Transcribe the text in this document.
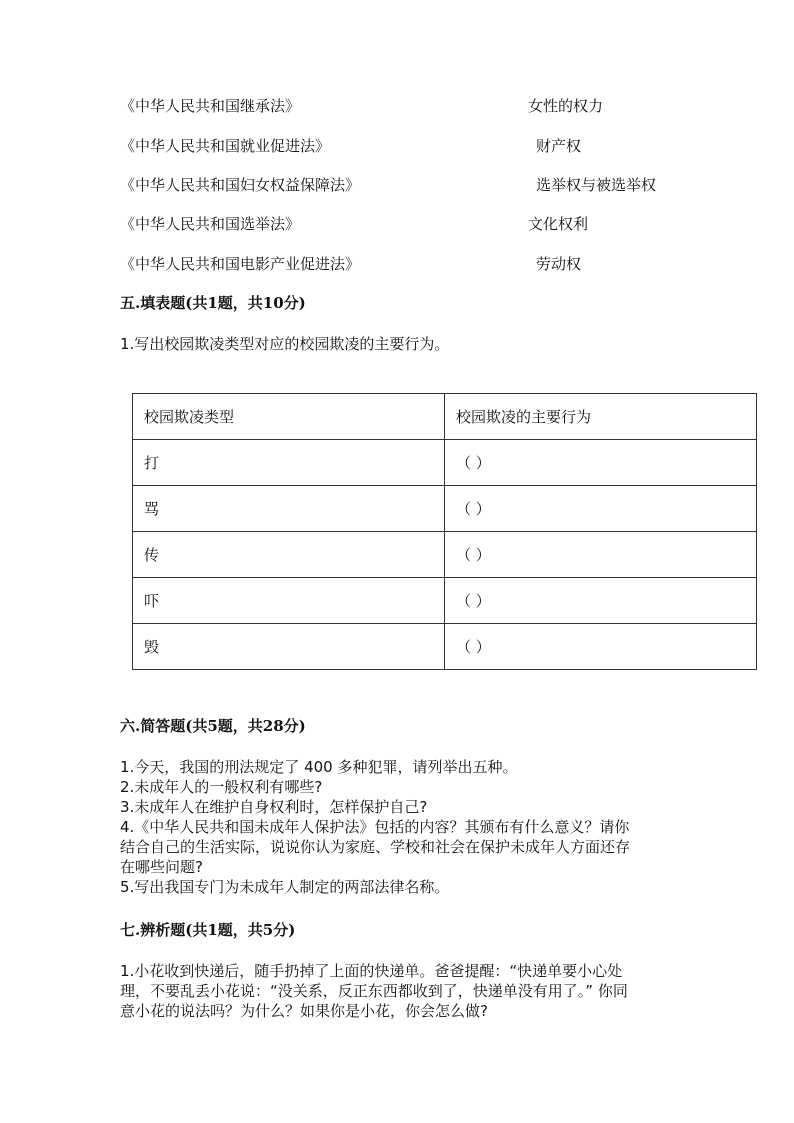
《中华人民共和国继承法》	女性的权力
《中华人民共和国就业促进法》	财产权
《中华人民共和国妇女权益保障法》	选举权与被选举权
《中华人民共和国选举法》	文化权利
《中华人民共和国电影产业促进法》	劳动权
五.填表题(共1题，共10分)
1.写出校园欺凌类型对应的校园欺凌的主要行为。
校园欺凌类型	校园欺凌的主要行为
打	（ ）
骂	（ ）
传	（ ）
吓	（ ）
毁	（ ）
六.简答题(共5题，共28分)
1.今天，我国的刑法规定了 400 多种犯罪，请列举出五种。
2.未成年人的一般权利有哪些?
3.未成年人在维护自身权利时，怎样保护自己?
4.《中华人民共和国未成年人保护法》包括的内容？其颁布有什么意义？请你
结合自己的生活实际，说说你认为家庭、学校和社会在保护未成年人方面还存
在哪些问题?
5.写出我国专门为未成年人制定的两部法律名称。
七.辨析题(共1题，共5分)
1.小花收到快递后，随手扔掉了上面的快递单。爸爸提醒：“快递单要小心处
理，不要乱丢小花说：“没关系，反正东西都收到了，快递单没有用了。” 你同
意小花的说法吗？为什么？如果你是小花，你会怎么做?
